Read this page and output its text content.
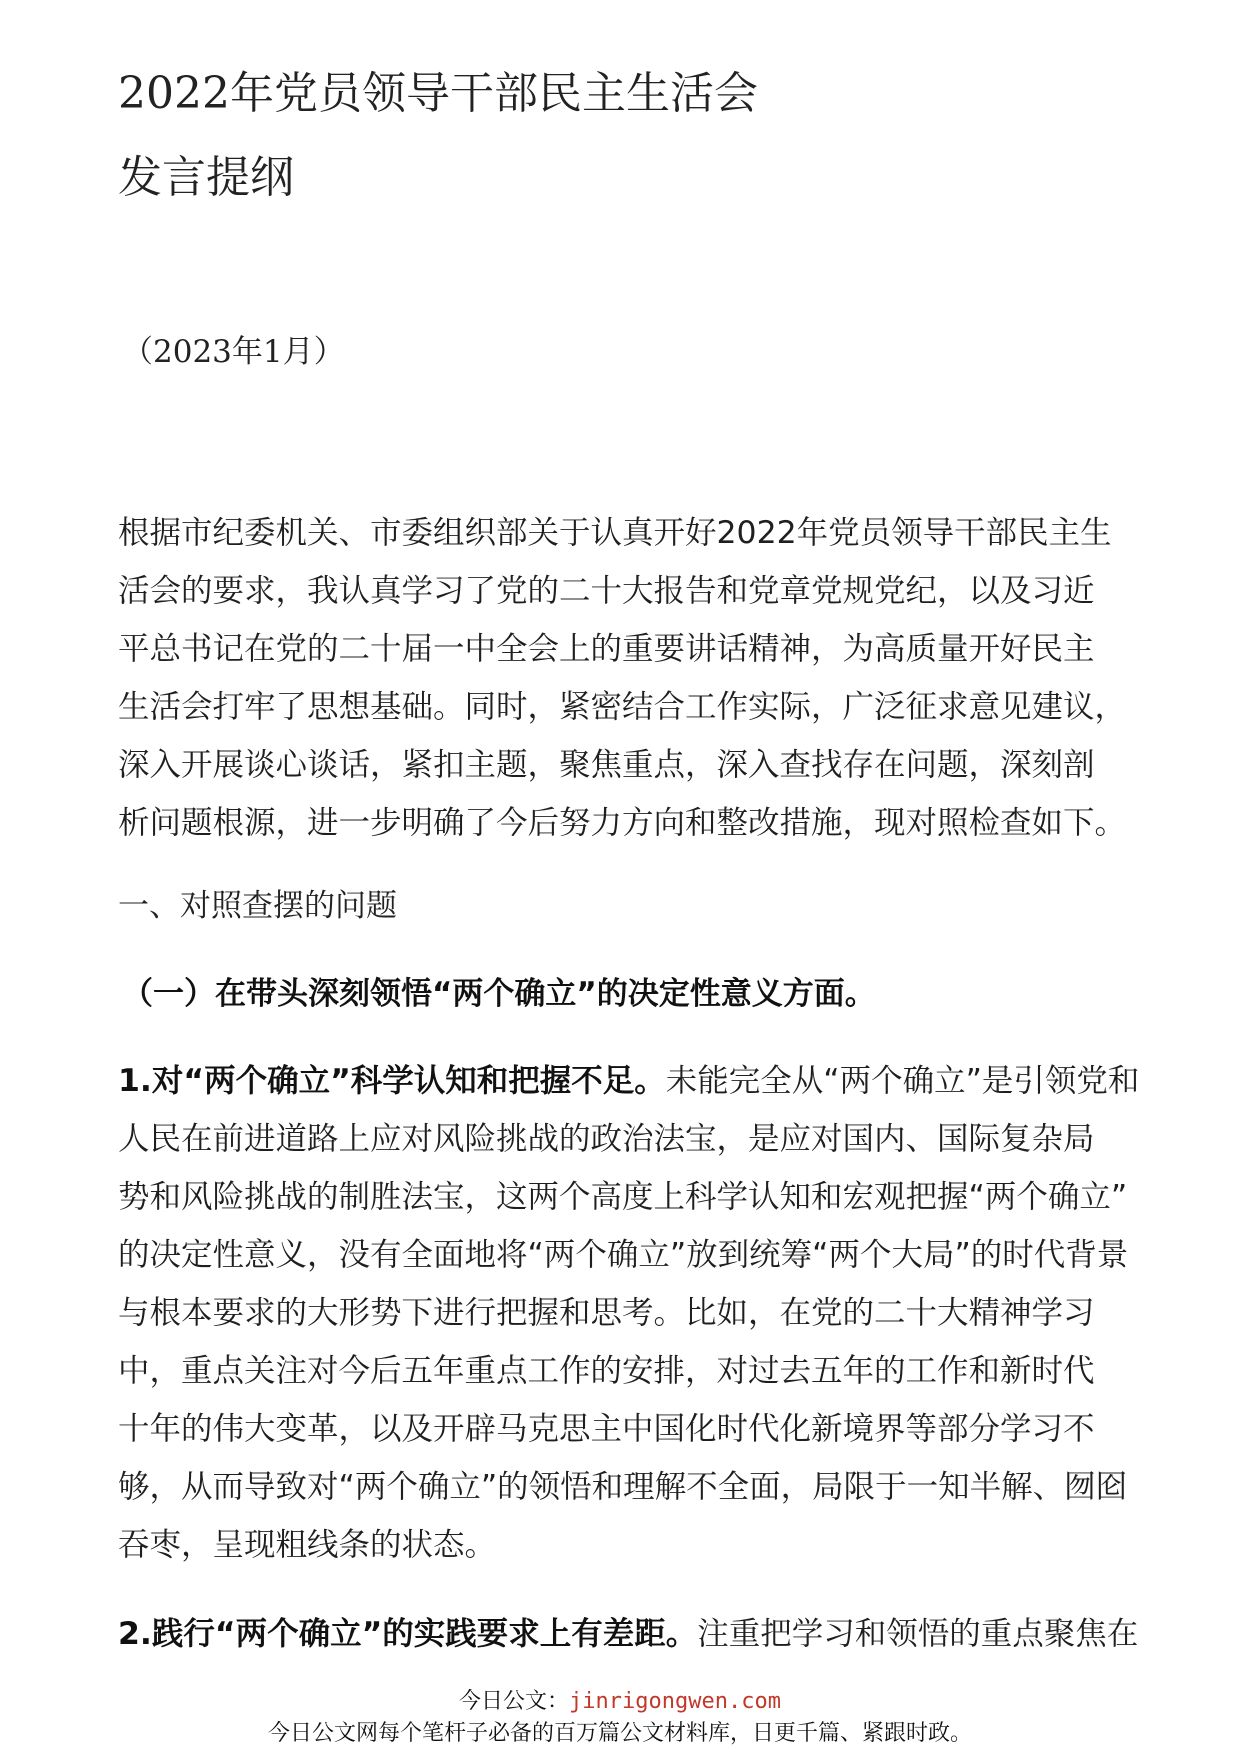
2022年党员领导干部民主生活会
发言提纲
（2023年1月）
根据市纪委机关、市委组织部关于认真开好2022年党员领导干部民主生
活会的要求，我认真学习了党的二十大报告和党章党规党纪，以及习近
平总书记在党的二十届一中全会上的重要讲话精神，为高质量开好民主
生活会打牢了思想基础。同时，紧密结合工作实际，广泛征求意见建议，
深入开展谈心谈话，紧扣主题，聚焦重点，深入查找存在问题，深刻剖
析问题根源，进一步明确了今后努力方向和整改措施，现对照检查如下。
一、对照查摆的问题
（一）在带头深刻领悟“两个确立”的决定性意义方面。
1.对“两个确立”科学认知和把握不足。未能完全从“两个确立”是引领党和
人民在前进道路上应对风险挑战的政治法宝，是应对国内、国际复杂局
势和风险挑战的制胜法宝，这两个高度上科学认知和宏观把握“两个确立”
的决定性意义，没有全面地将“两个确立”放到统筹“两个大局”的时代背景
与根本要求的大形势下进行把握和思考。比如，在党的二十大精神学习
中，重点关注对今后五年重点工作的安排，对过去五年的工作和新时代
十年的伟大变革，以及开辟马克思主中国化时代化新境界等部分学习不
够，从而导致对“两个确立”的领悟和理解不全面，局限于一知半解、囫囵
吞枣，呈现粗线条的状态。
2.践行“两个确立”的实践要求上有差距。注重把学习和领悟的重点聚焦在
今日公文：jinrigongwen.com
今日公文网每个笔杆子必备的百万篇公文材料库，日更千篇、紧跟时政。
